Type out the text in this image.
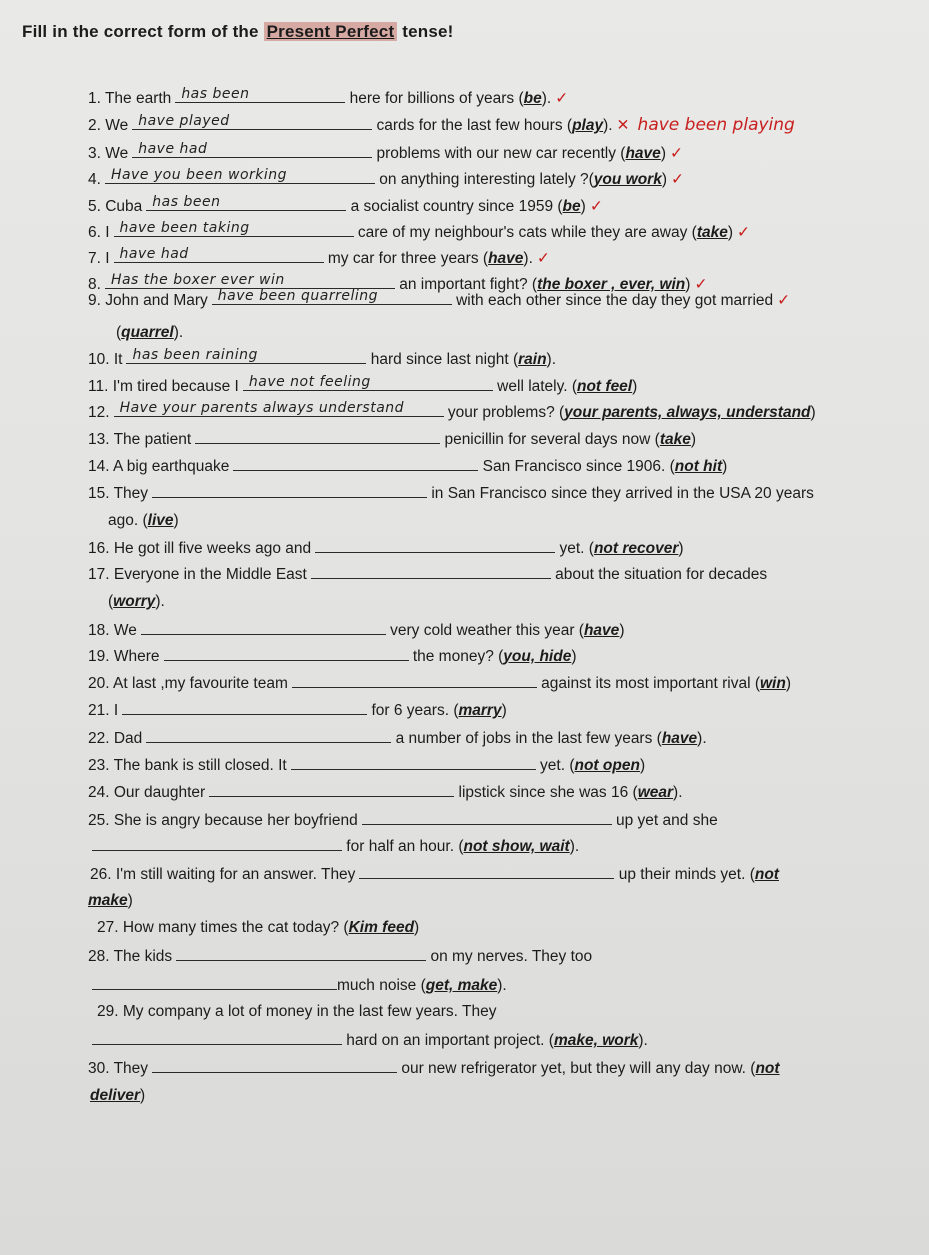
Fill in the correct form of the Present Perfect tense!
1. The earth has been	here for billions of years (be). ✓
2. We have played	cards for the last few hours (play). ✕ have been playing
3. We have had	problems with our new car recently (have) ✓
4. Have you been working	on anything interesting lately ?(you work) ✓
5. Cuba has been	a socialist country since 1959 (be) ✓
6. I have been taking	care of my neighbour's cats while they are away (take) ✓
7. I have had	my car for three years (have). ✓
8. Has the boxer ever win	an important fight? (the boxer , ever, win) ✓
9. John and Mary have been quarreling	with each other since the day they got married ✓
(quarrel).
10. It has been raining	hard since last night (rain).
11. I'm tired because I have not feeling	well lately. (not feel)
12. Have your parents always understand	your problems? (your parents, always, understand)
13. The patient	penicillin for several days now (take)
14. A big earthquake	San Francisco since 1906. (not hit)
15. They	in San Francisco since they arrived in the USA 20 years
ago. (live)
16. He got ill five weeks ago and	yet. (not recover)
17. Everyone in the Middle East	about the situation for decades
(worry).
18. We	very cold weather this year (have)
19. Where	the money? (you, hide)
20. At last ,my favourite team	against its most important rival (win)
21. I	for 6 years. (marry)
22. Dad	a number of jobs in the last few years (have).
23. The bank is still closed. It	yet. (not open)
24. Our daughter	lipstick since she was 16 (wear).
25. She is angry because her boyfriend	up yet and she
for half an hour. (not show, wait).
26. I'm still waiting for an answer. They	up their minds yet. (not
make)
27. How many times the cat today? (Kim feed)
28. The kids	on my nerves. They too
much noise (get, make).
29. My company a lot of money in the last few years. They
hard on an important project. (make, work).
30. They	our new refrigerator yet, but they will any day now. (not
deliver)
